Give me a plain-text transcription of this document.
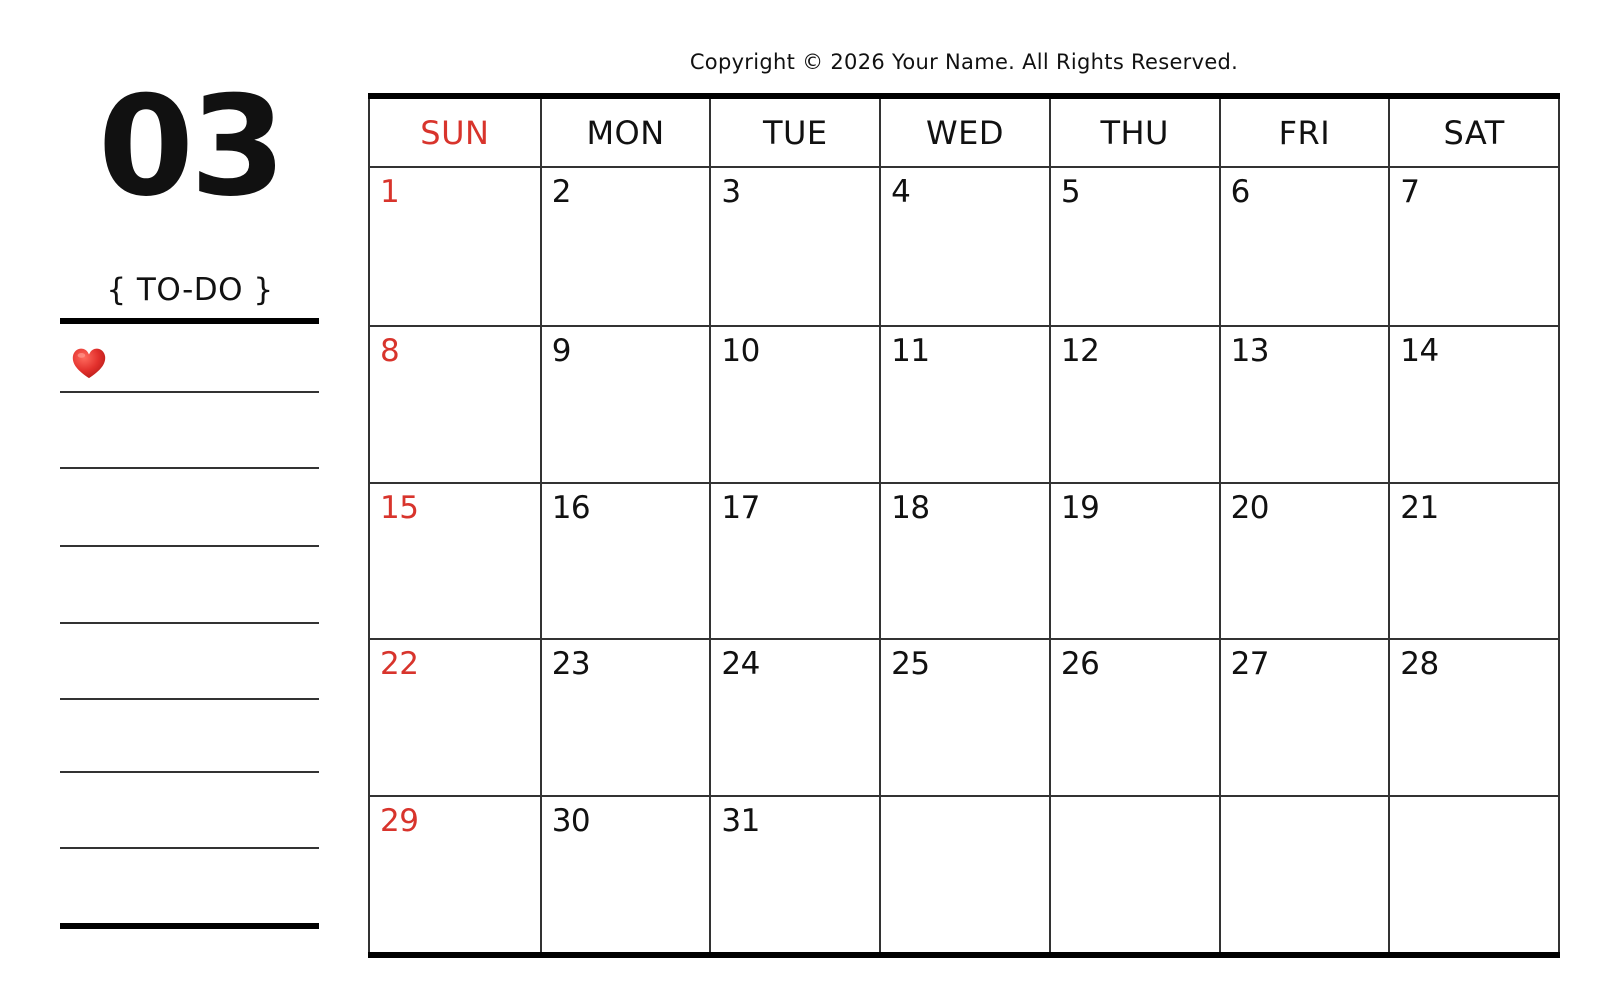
Copyright © 2026 Your Name. All Rights Reserved.
03
{ TO-DO }
SUN	MON	TUE	WED	THU	FRI	SAT
1	2	3	4	5	6	7
8	9	10	11	12	13	14
15	16	17	18	19	20	21
22	23	24	25	26	27	28
29	30	31
